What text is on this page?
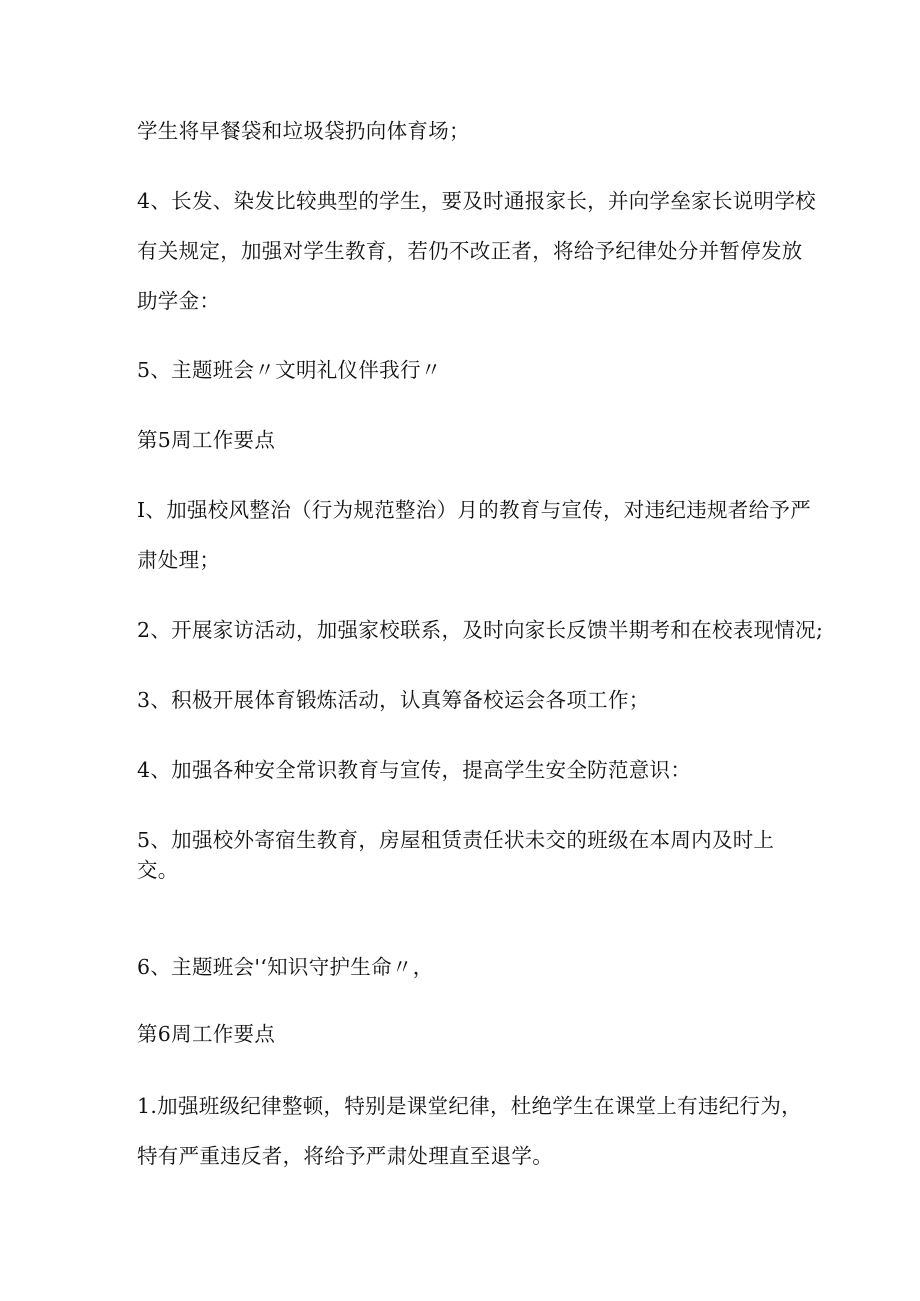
学生将早餐袋和垃圾袋扔向体育场；

4、长发、染发比较典型的学生，要及时通报家长，并向学垒家长说明学校

有关规定，加强对学生教育，若仍不改正者，将给予纪律处分并暂停发放

助学金：

5、主题班会〃文明礼仪伴我行〃

第5周工作要点

I、加强校风整治（行为规范整治）月的教育与宣传，对违纪违规者给予严

肃处理；

2、开展家访活动，加强家校联系，及时向家长反馈半期考和在校表现情况;

3、积极开展体育锻炼活动，认真筹备校运会各项工作；

4、加强各种安全常识教育与宣传，提高学生安全防范意识：

5、加强校外寄宿生教育，房屋租赁责任状未交的班级在本周内及时上

交。

6、主题班会'‘知识守护生命〃，

第6周工作要点

1.加强班级纪律整顿，特别是课堂纪律，杜绝学生在课堂上有违纪行为，

特有严重违反者，将给予严肃处理直至退学。
